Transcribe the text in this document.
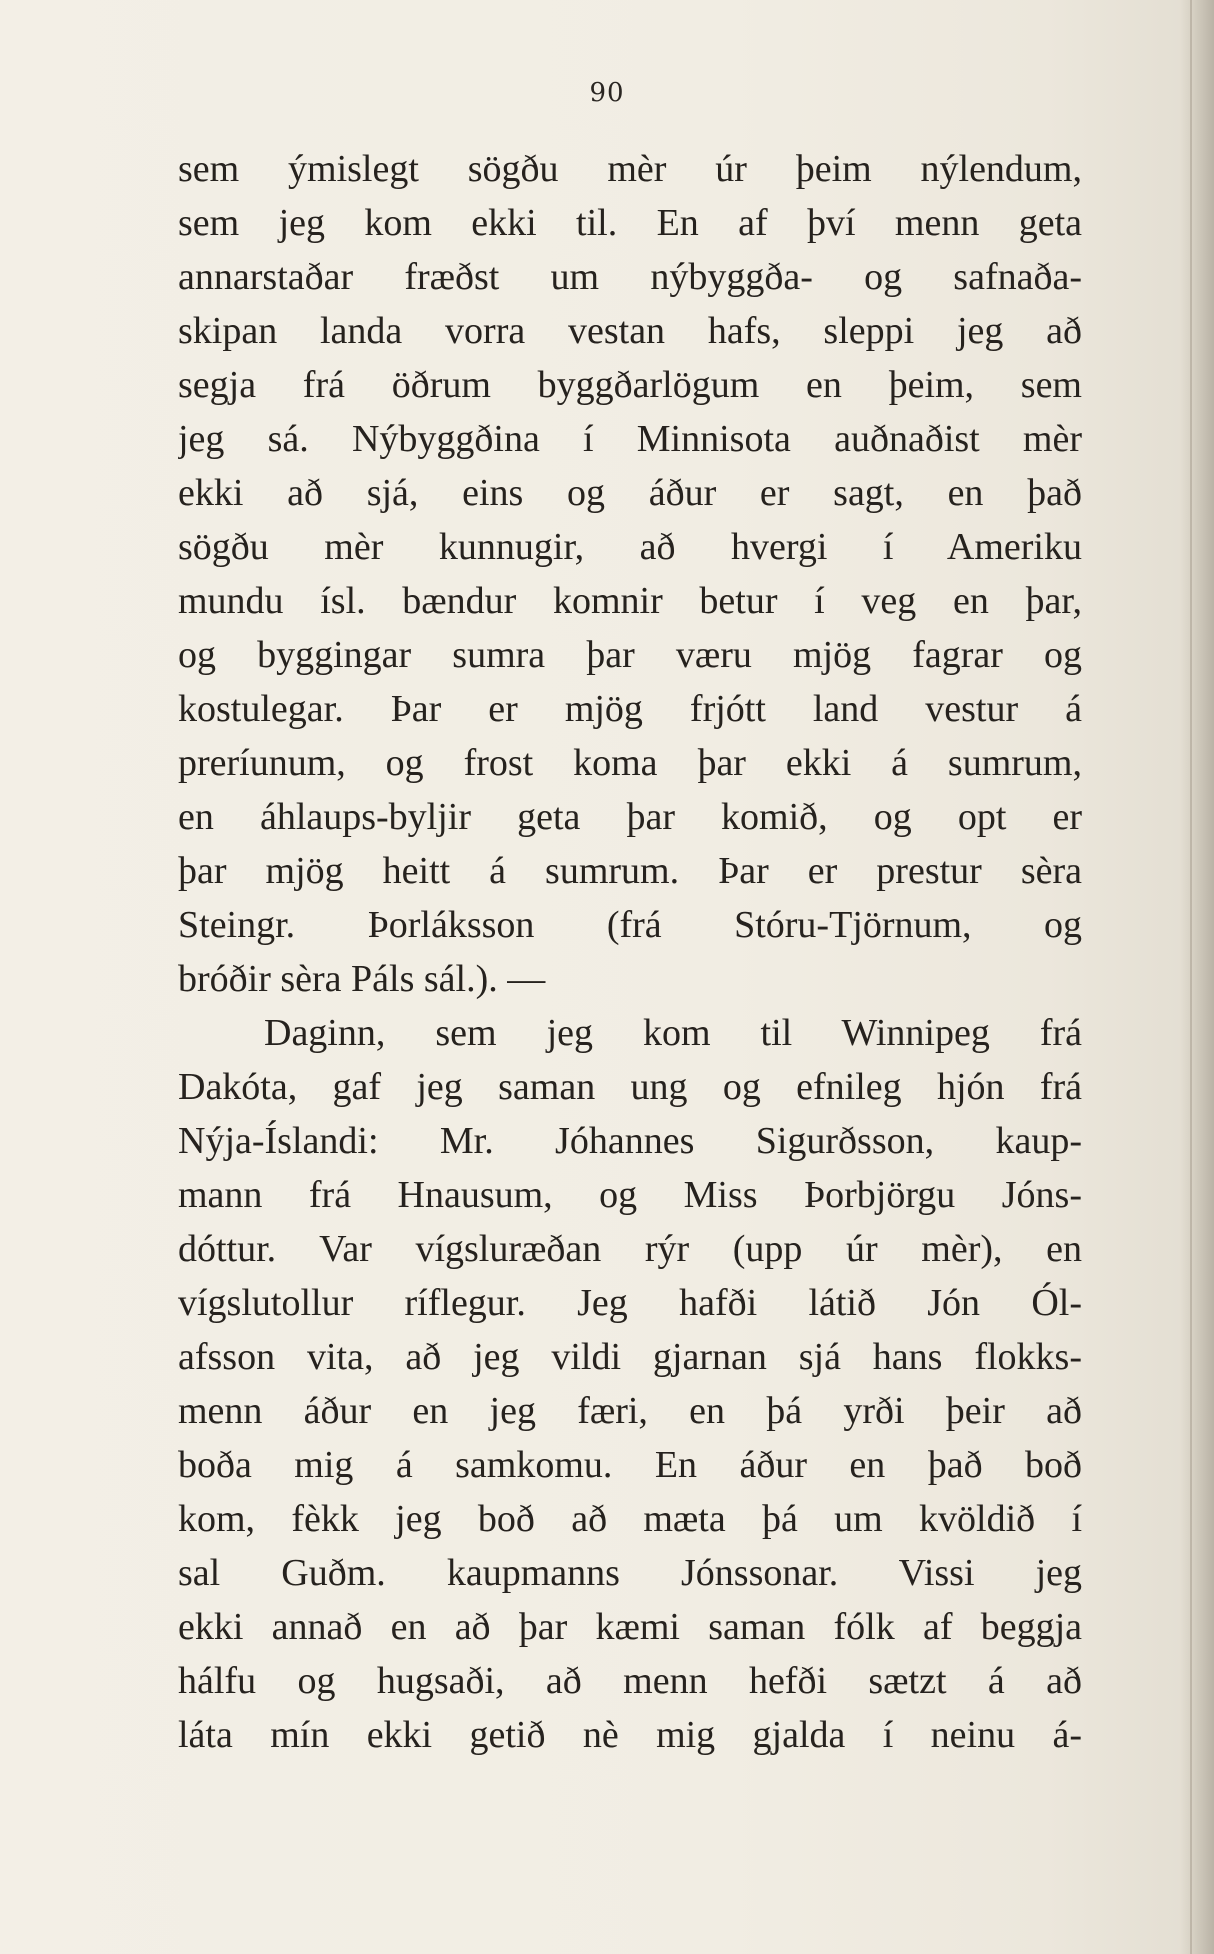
90
sem ýmislegt sögðu mèr úr þeim nýlendum,
sem jeg kom ekki til. En af því menn geta
annarstaðar fræðst um nýbyggða- og safnaða-
skipan landa vorra vestan hafs, sleppi jeg að
segja frá öðrum byggðarlögum en þeim, sem
jeg sá. Nýbyggðina í Minnisota auðnaðist mèr
ekki að sjá, eins og áður er sagt, en það
sögðu mèr kunnugir, að hvergi í Ameriku
mundu ísl. bændur komnir betur í veg en þar,
og byggingar sumra þar væru mjög fagrar og
kostulegar. Þar er mjög frjótt land vestur á
preríunum, og frost koma þar ekki á sumrum,
en áhlaups-byljir geta þar komið, og opt er
þar mjög heitt á sumrum. Þar er prestur sèra
Steingr. Þorláksson (frá Stóru-Tjörnum, og
bróðir sèra Páls sál.). —
Daginn, sem jeg kom til Winnipeg frá
Dakóta, gaf jeg saman ung og efnileg hjón frá
Nýja-Íslandi: Mr. Jóhannes Sigurðsson, kaup-
mann frá Hnausum, og Miss Þorbjörgu Jóns-
dóttur. Var vígsluræðan rýr (upp úr mèr), en
vígslutollur ríflegur. Jeg hafði látið Jón Ól-
afsson vita, að jeg vildi gjarnan sjá hans flokks-
menn áður en jeg færi, en þá yrði þeir að
boða mig á samkomu. En áður en það boð
kom, fèkk jeg boð að mæta þá um kvöldið í
sal Guðm. kaupmanns Jónssonar. Vissi jeg
ekki annað en að þar kæmi saman fólk af beggja
hálfu og hugsaði, að menn hefði sætzt á að
láta mín ekki getið nè mig gjalda í neinu á-
